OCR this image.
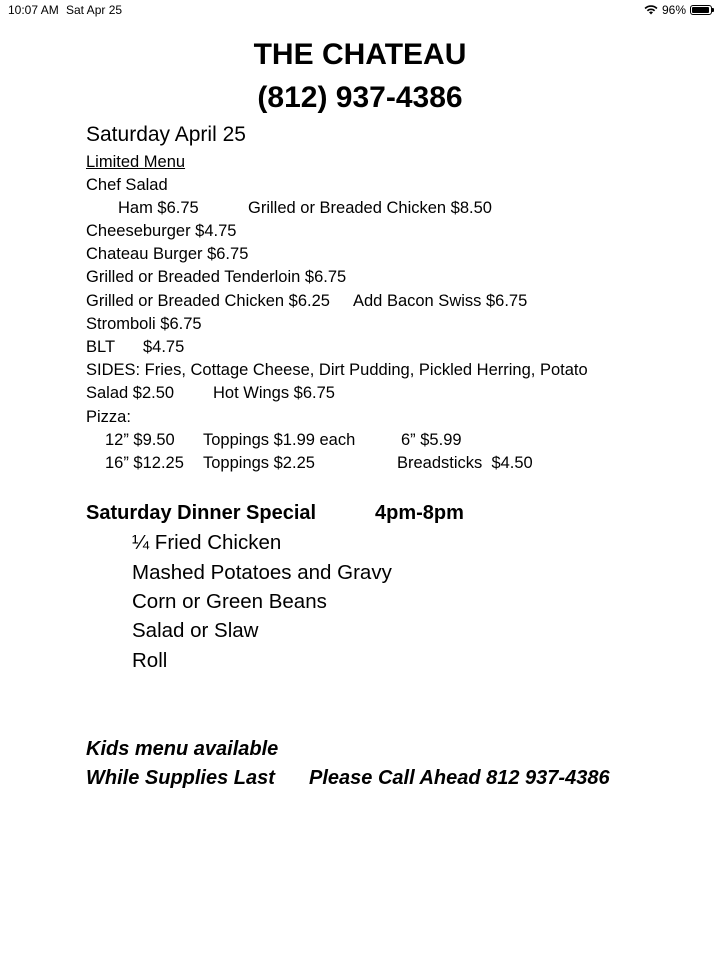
10:07 AM Sat Apr 25	96%
THE CHATEAU
(812) 937-4386
Saturday April 25
Limited Menu
Chef Salad
Ham $6.75	Grilled or Breaded Chicken $8.50
Cheeseburger $4.75
Chateau Burger $6.75
Grilled or Breaded Tenderloin $6.75
Grilled or Breaded Chicken $6.25 Add Bacon Swiss $6.75
Stromboli $6.75
BLT $4.75
SIDES: Fries, Cottage Cheese, Dirt Pudding, Pickled Herring, Potato
Salad $2.50 Hot Wings $6.75
Pizza:
12” $9.50 Toppings $1.99 each	6” $5.99
16” $12.25 Toppings $2.25	Breadsticks  $4.50
Saturday Dinner Special	4pm-8pm
¼ Fried Chicken
Mashed Potatoes and Gravy
Corn or Green Beans
Salad or Slaw
Roll
Kids menu available
While Supplies Last Please Call Ahead 812 937-4386
